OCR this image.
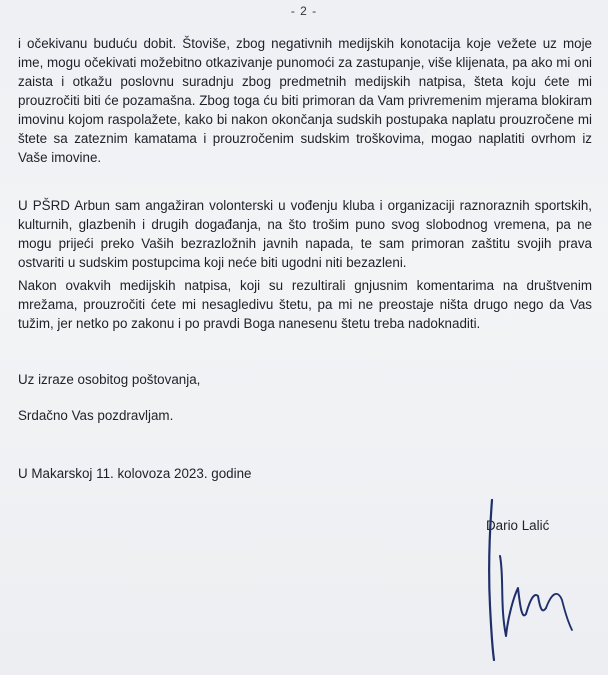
- 2 -

i očekivanu buduću dobit. Štoviše, zbog negativnih medijskih konotacija koje vežete uz moje ime, mogu očekivati možebitno otkazivanje punomoći za zastupanje, više klijenata, pa ako mi oni zaista i otkažu poslovnu suradnju zbog predmetnih medijskih natpisa, šteta koju ćete mi prouzročiti biti će pozamašna. Zbog toga ću biti primoran da Vam privremenim mjerama blokiram imovinu kojom raspolažete, kako bi nakon okončanja sudskih postupaka naplatu prouzročene mi štete sa zateznim kamatama i prouzročenim sudskim troškovima, mogao naplatiti ovrhom iz Vaše imovine.

U PŠRD Arbun sam angažiran volonterski u vođenju kluba i organizaciji raznoraznih sportskih, kulturnih, glazbenih i drugih događanja, na što trošim puno svog slobodnog vremena, pa ne mogu prijeći preko Vaših bezrazložnih javnih napada, te sam primoran zaštitu svojih prava ostvariti u sudskim postupcima koji neće biti ugodni niti bezazleni.

Nakon ovakvih medijskih natpisa, koji su rezultirali gnjusnim komentarima na društvenim mrežama, prouzročiti ćete mi nesagledivu štetu, pa mi ne preostaje ništa drugo nego da Vas tužim, jer netko po zakonu i po pravdi Boga nanesenu štetu treba nadoknaditi.

Uz izraze osobitog poštovanja,

Srdačno Vas pozdravljam.

U Makarskoj 11. kolovoza 2023. godine

Dario Lalić
